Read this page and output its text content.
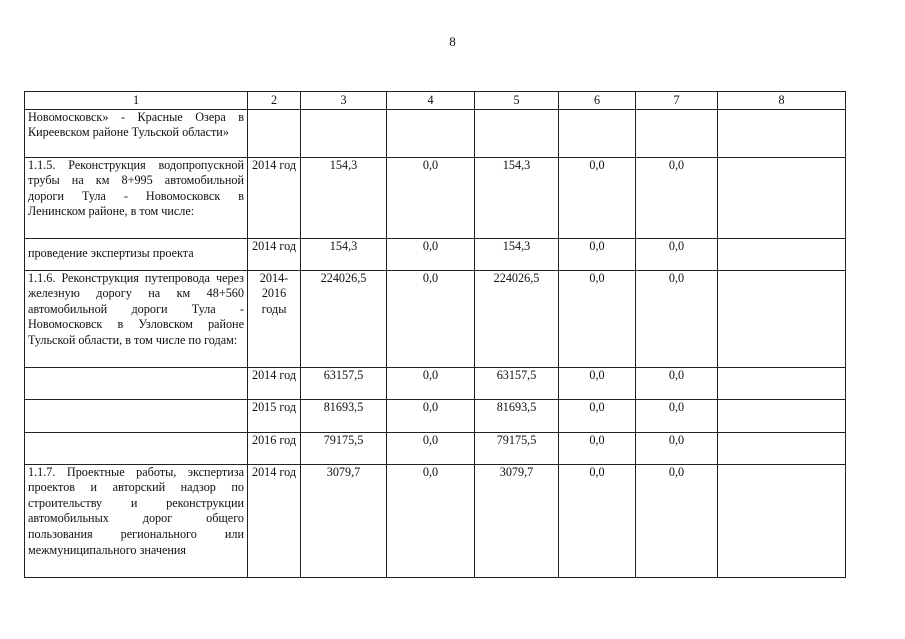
8
1	2	3	4	5	6	7	8
Новомосковск» - Красные Озера в Киреевском районе Тульской области»							
1.1.5. Реконструкция водопропускной трубы на км 8+995 автомобильной дороги Тула - Новомосковск в Ленинском районе, в том числе:	2014 год	154,3	0,0	154,3	0,0	0,0	
проведение экспертизы проекта	2014 год	154,3	0,0	154,3	0,0	0,0	
1.1.6. Реконструкция путепровода через железную дорогу на км 48+560 автомобильной дороги Тула - Новомосковск в Узловском районе Тульской области, в том числе по годам:	2014-2016 годы	224026,5	0,0	224026,5	0,0	0,0	
	2014 год	63157,5	0,0	63157,5	0,0	0,0	
	2015 год	81693,5	0,0	81693,5	0,0	0,0	
	2016 год	79175,5	0,0	79175,5	0,0	0,0	
1.1.7. Проектные работы, экспертиза проектов и авторский надзор по строительству и реконструкции автомобильных дорог общего пользования регионального или межмуниципального значения	2014 год	3079,7	0,0	3079,7	0,0	0,0	
